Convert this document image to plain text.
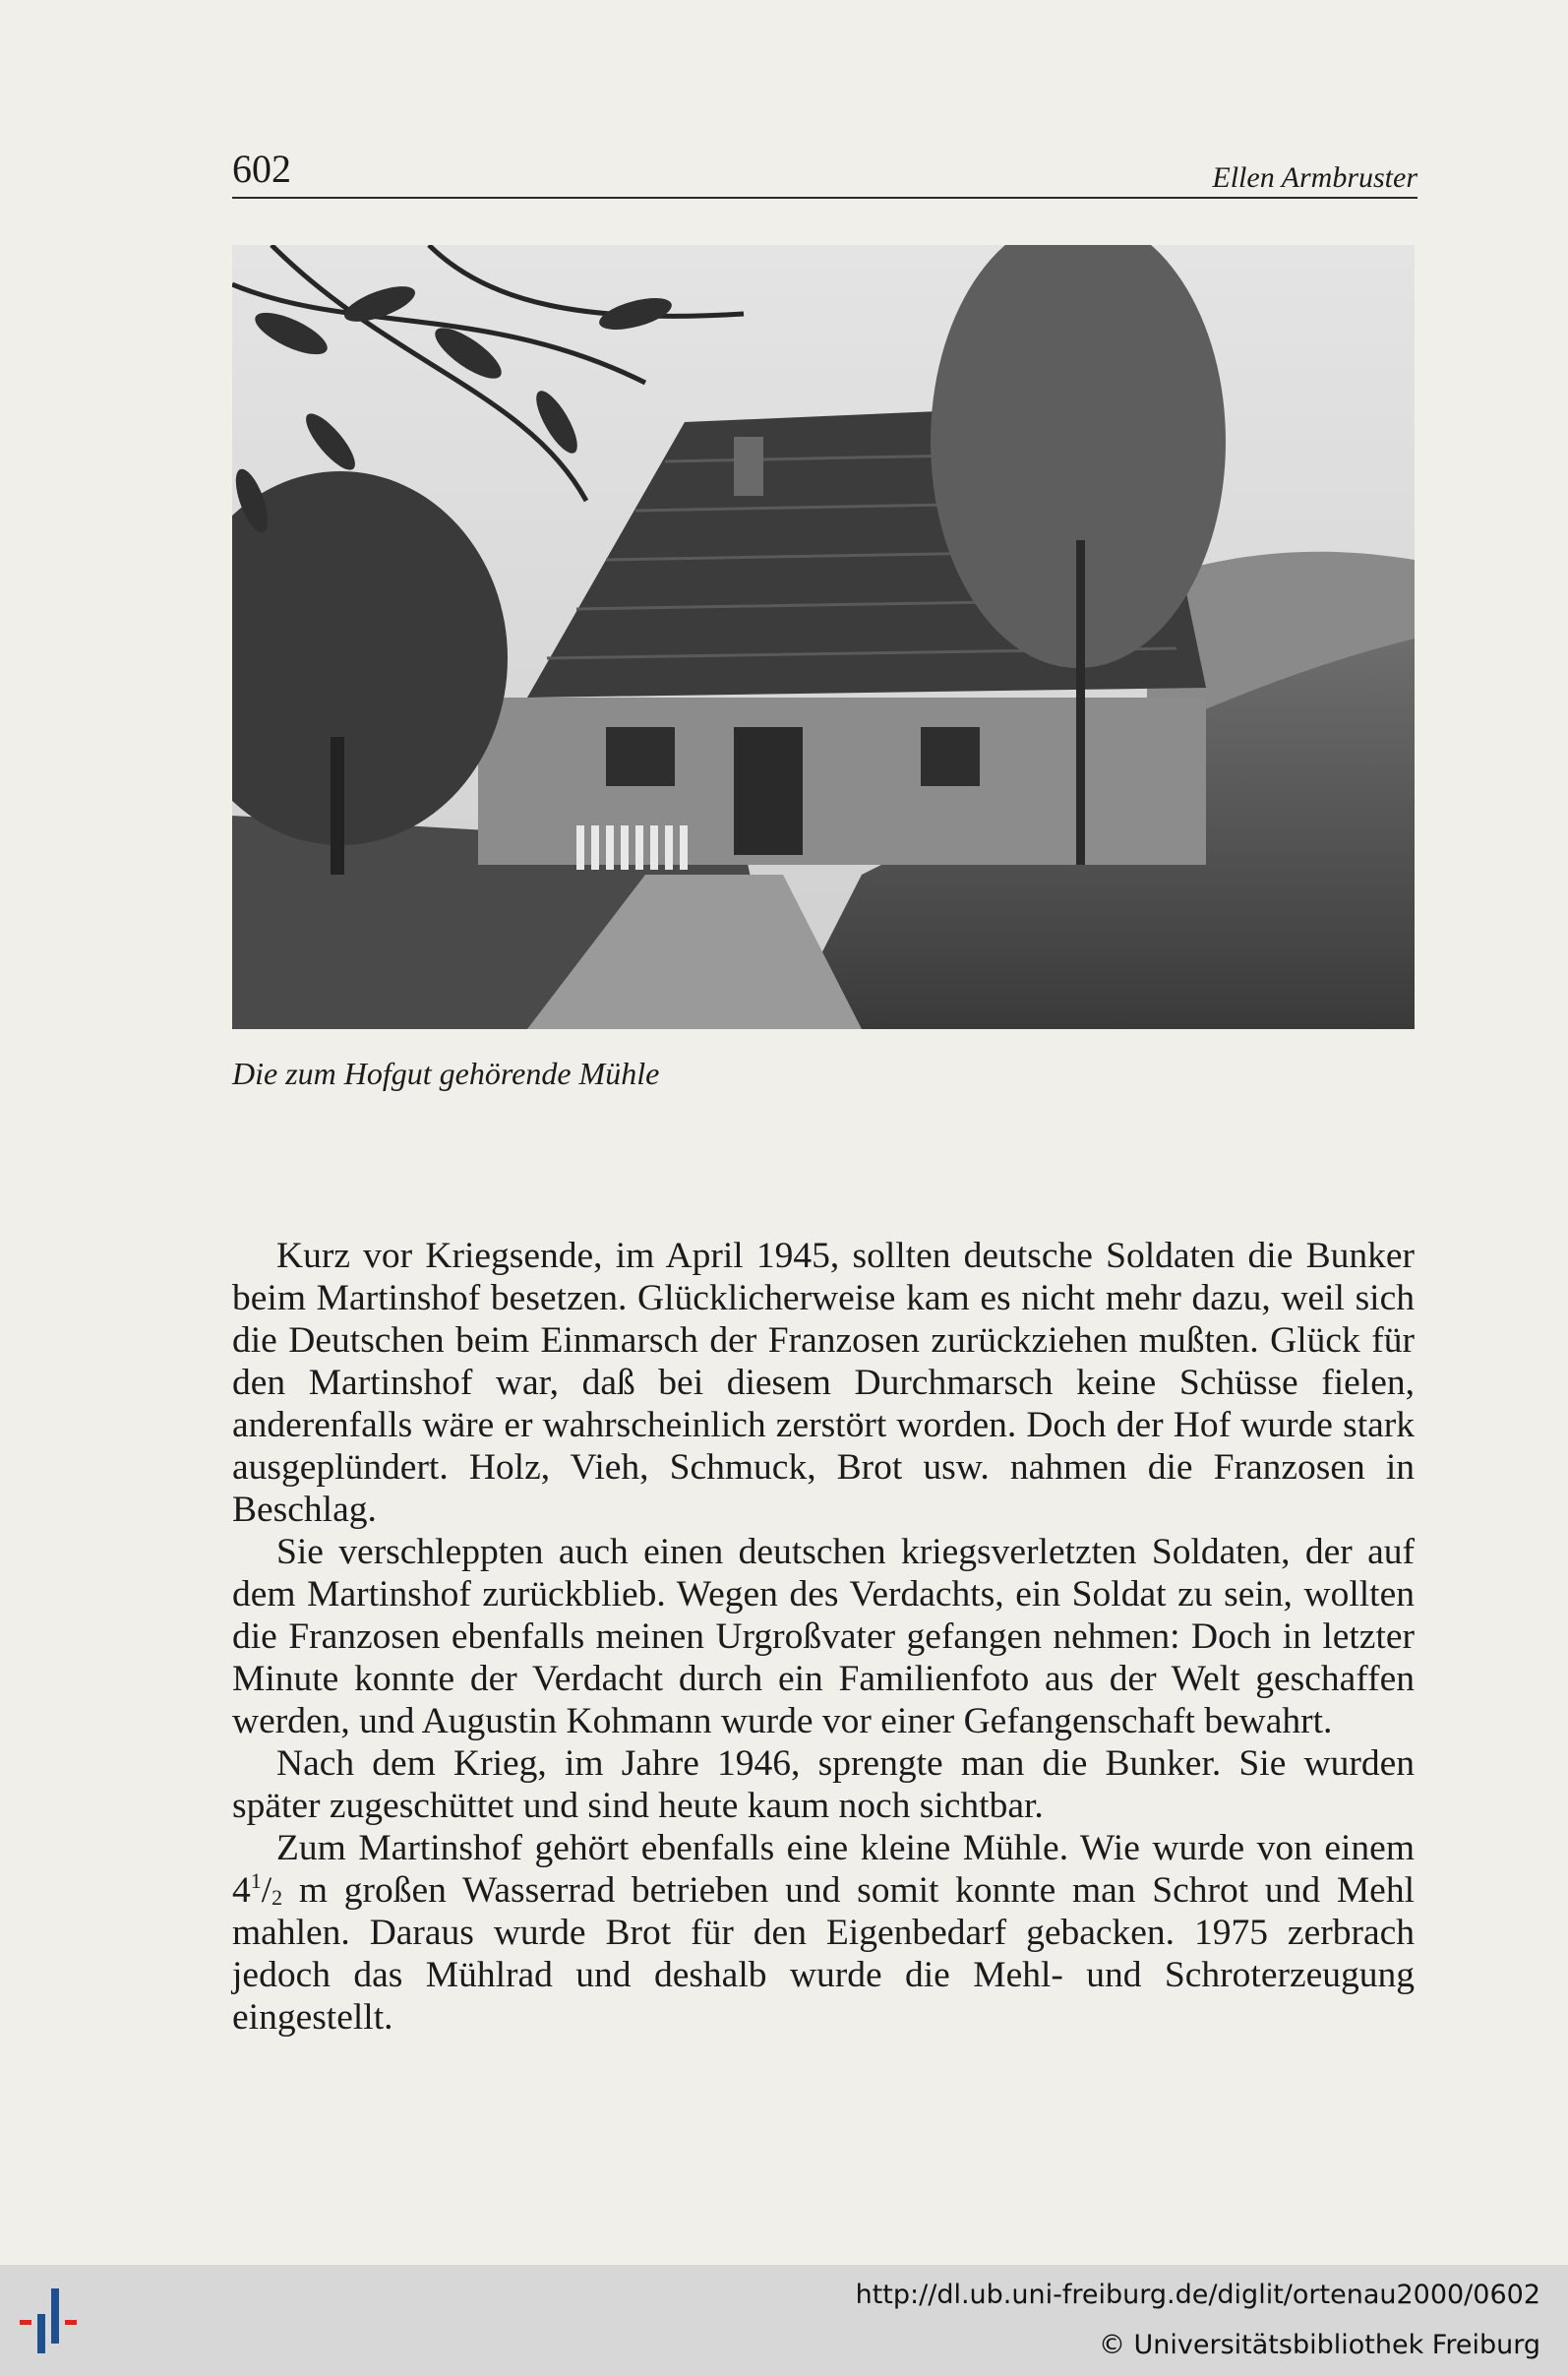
602	Ellen Armbruster
Die zum Hofgut gehörende Mühle

Kurz vor Kriegsende, im April 1945, sollten deutsche Soldaten die Bunker beim Martinshof besetzen. Glücklicherweise kam es nicht mehr dazu, weil sich die Deutschen beim Einmarsch der Franzosen zurückziehen mußten. Glück für den Martinshof war, daß bei diesem Durchmarsch keine Schüsse fielen, anderenfalls wäre er wahrscheinlich zerstört worden. Doch der Hof wurde stark ausgeplündert. Holz, Vieh, Schmuck, Brot usw. nahmen die Franzosen in Beschlag.

Sie verschleppten auch einen deutschen kriegsverletzten Soldaten, der auf dem Martinshof zurückblieb. Wegen des Verdachts, ein Soldat zu sein, wollten die Franzosen ebenfalls meinen Urgroßvater gefangen nehmen: Doch in letzter Minute konnte der Verdacht durch ein Familienfoto aus der Welt geschaffen werden, und Augustin Kohmann wurde vor einer Gefangenschaft bewahrt.

Nach dem Krieg, im Jahre 1946, sprengte man die Bunker. Sie wurden später zugeschüttet und sind heute kaum noch sichtbar.

Zum Martinshof gehört ebenfalls eine kleine Mühle. Wie wurde von einem $4^1/_2$ m großen Wasserrad betrieben und somit konnte man Schrot und Mehl mahlen. Daraus wurde Brot für den Eigenbedarf gebacken. 1975 zerbrach jedoch das Mühlrad und deshalb wurde die Mehl- und Schroterzeugung eingestellt.

http://dl.ub.uni-freiburg.de/diglit/ortenau2000/0602
© Universitätsbibliothek Freiburg
